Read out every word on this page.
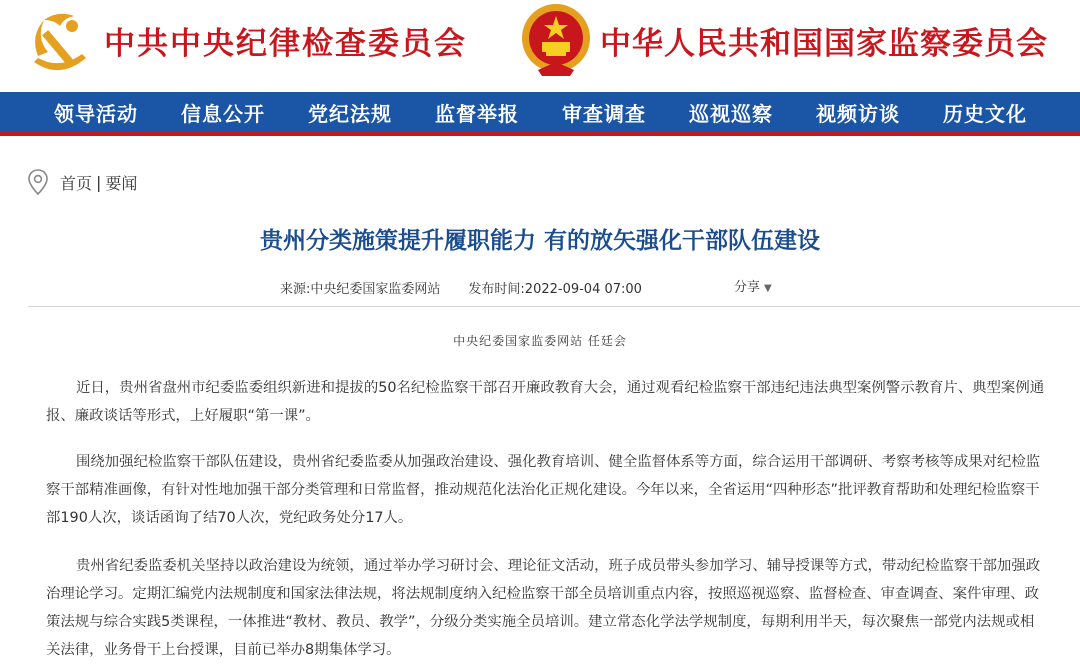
中共中央纪律检查委员会	中华人民共和国国家监察委员会
领导活动	信息公开	党纪法规	监督举报	审查调查	巡视巡察	视频访谈	历史文化
首页 | 要闻
贵州分类施策提升履职能力 有的放矢强化干部队伍建设
来源:中央纪委国家监委网站 发布时间:2022-09-04 07:00	分享 ▼
中央纪委国家监委网站 任廷会

近日，贵州省盘州市纪委监委组织新进和提拔的50名纪检监察干部召开廉政教育大会，通过观看纪检监察干部违纪违法典型案例警示教育片、典型案例通报、廉政谈话等形式，上好履职“第一课”。

围绕加强纪检监察干部队伍建设，贵州省纪委监委从加强政治建设、强化教育培训、健全监督体系等方面，综合运用干部调研、考察考核等成果对纪检监察干部精准画像，有针对性地加强干部分类管理和日常监督，推动规范化法治化正规化建设。今年以来，全省运用“四种形态”批评教育帮助和处理纪检监察干部190人次，谈话函询了结70人次，党纪政务处分17人。

贵州省纪委监委机关坚持以政治建设为统领，通过举办学习研讨会、理论征文活动，班子成员带头参加学习、辅导授课等方式，带动纪检监察干部加强政治理论学习。定期汇编党内法规制度和国家法律法规，将法规制度纳入纪检监察干部全员培训重点内容，按照巡视巡察、监督检查、审查调查、案件审理、政策法规与综合实践5类课程，一体推进“教材、教员、教学”，分级分类实施全员培训。建立常态化学法学规制度，每期利用半天，每次聚焦一部党内法规或相关法律，业务骨干上台授课，目前已举办8期集体学习。
